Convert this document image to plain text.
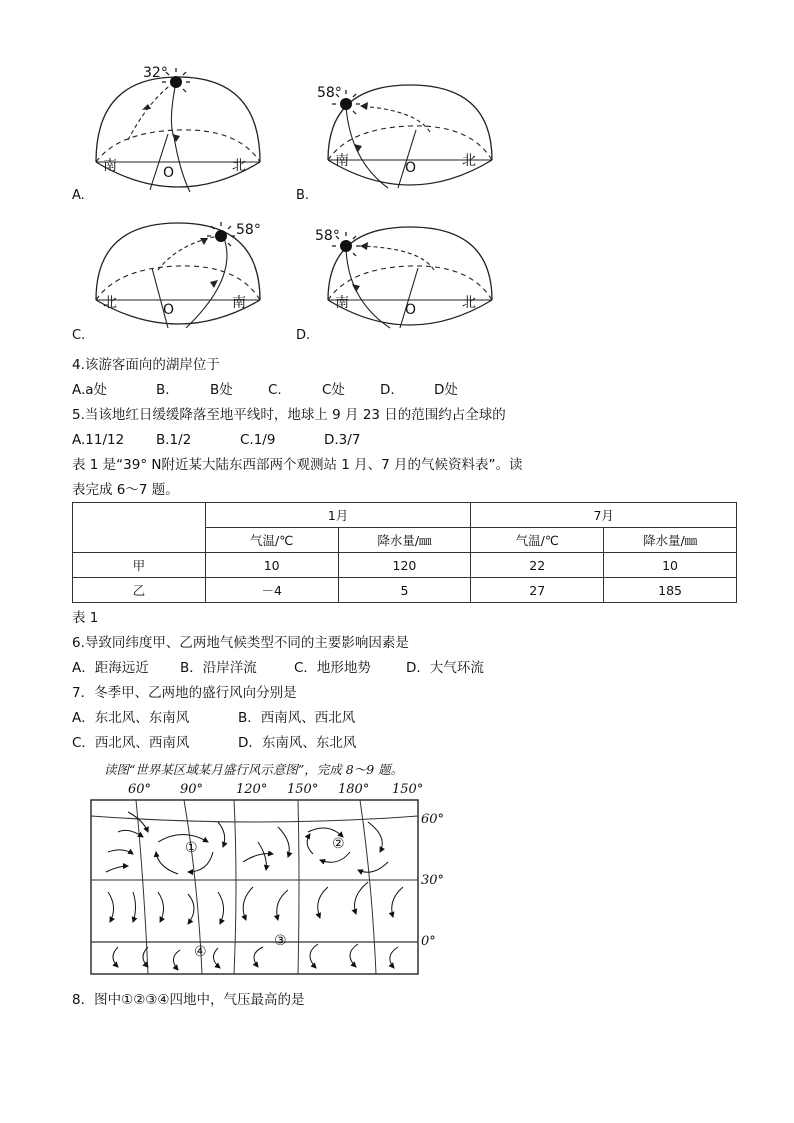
32°
南	北
O
A.
58°
南	北
O
B.
58°
北	南
O
C.
58°
南	北
O
D.
4.该游客面向的湖岸位于
A.a处	B.	B处	C.	C处	D.	D处
5.当该地红日缓缓降落至地平线时，地球上 9 月 23 日的范围约占全球的
A.11/12 B.1/2	C.1/9	D.3/7
表 1 是“39° N附近某大陆东西部两个观测站 1 月、7 月的气候资料表”。读
表完成 6～7 题。
	1月		7月	
	气温/℃	降水量/㎜	气温/℃	降水量/㎜
甲	10	120	22	10
乙	－4	5	27	185
表 1
6.导致同纬度甲、乙两地气候类型不同的主要影响因素是
A．距海远近 B．沿岸洋流	C．地形地势	D．大气环流
7．冬季甲、乙两地的盛行风向分别是
A．东北风、东南风	B．西南风、西北风
C．西北风、西南风	D．东南风、东北风
读图“世界某区域某月盛行风示意图”，完成 8～9 题。
60° 90°	120° 150° 180° 150°
60°
30°
0°
①	②
③
④
8．图中①②③④四地中，气压最高的是
